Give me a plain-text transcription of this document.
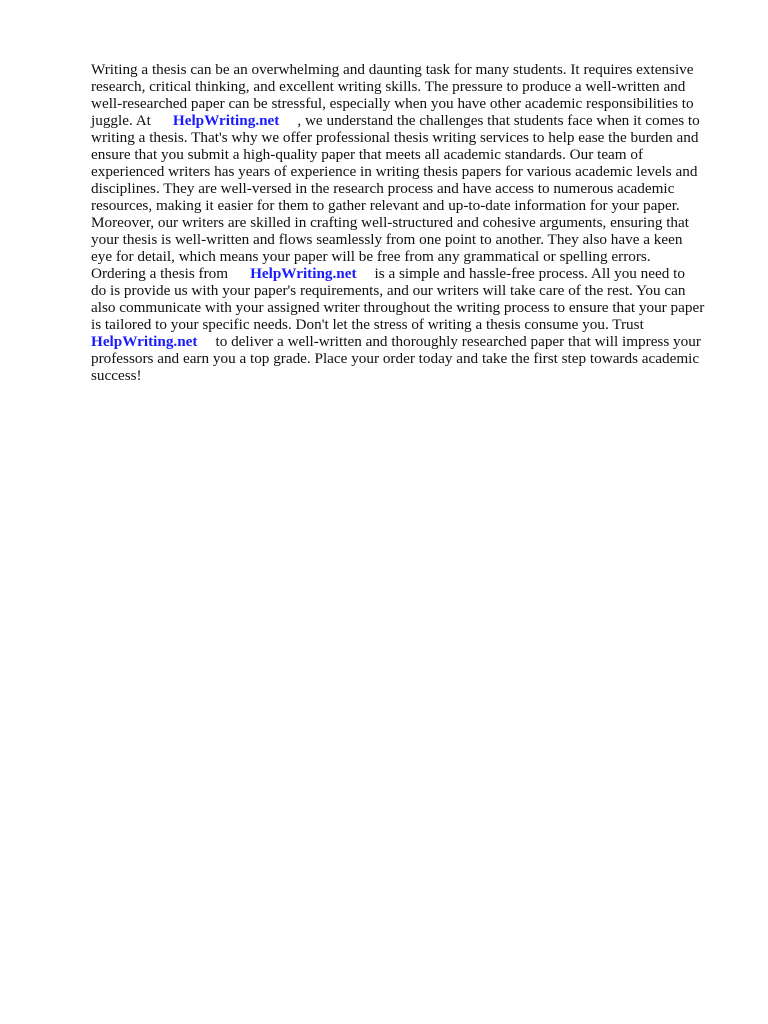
Writing a thesis can be an overwhelming and daunting task for many students. It requires extensive
research, critical thinking, and excellent writing skills. The pressure to produce a well-written and
well-researched paper can be stressful, especially when you have other academic responsibilities to
juggle. At HelpWriting.net , we understand the challenges that students face when it comes to
writing a thesis. That's why we offer professional thesis writing services to help ease the burden and
ensure that you submit a high-quality paper that meets all academic standards. Our team of
experienced writers has years of experience in writing thesis papers for various academic levels and
disciplines. They are well-versed in the research process and have access to numerous academic
resources, making it easier for them to gather relevant and up-to-date information for your paper.
Moreover, our writers are skilled in crafting well-structured and cohesive arguments, ensuring that
your thesis is well-written and flows seamlessly from one point to another. They also have a keen
eye for detail, which means your paper will be free from any grammatical or spelling errors.
Ordering a thesis from HelpWriting.net is a simple and hassle-free process. All you need to
do is provide us with your paper's requirements, and our writers will take care of the rest. You can
also communicate with your assigned writer throughout the writing process to ensure that your paper
is tailored to your specific needs. Don't let the stress of writing a thesis consume you. Trust
HelpWriting.net to deliver a well-written and thoroughly researched paper that will impress your
professors and earn you a top grade. Place your order today and take the first step towards academic
success!
